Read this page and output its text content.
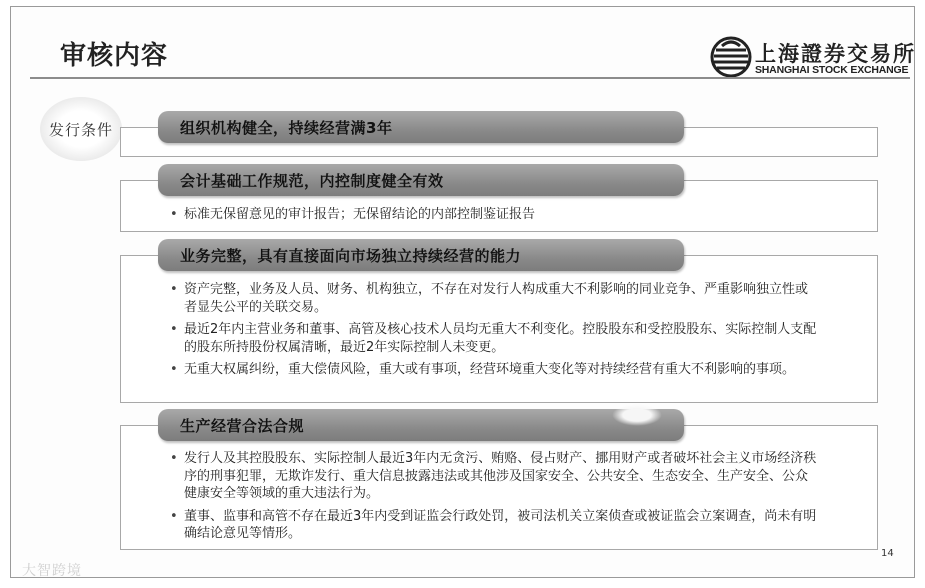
审核内容	上海證券交易所
SHANGHAI STOCK EXCHANGE
发行条件	组织机构健全，持续经营满3年
会计基础工作规范，内控制度健全有效
• 标准无保留意见的审计报告；无保留结论的内部控制鉴证报告
业务完整，具有直接面向市场独立持续经营的能力
• 资产完整，业务及人员、财务、机构独立，不存在对发行人构成重大不利影响的同业竞争、严重影响独立性或者显失公平的关联交易。
• 最近2年内主营业务和董事、高管及核心技术人员均无重大不利变化。控股股东和受控股股东、实际控制人支配的股东所持股份权属清晰，最近2年实际控制人未变更。
• 无重大权属纠纷，重大偿债风险，重大或有事项，经营环境重大变化等对持续经营有重大不利影响的事项。
生产经营合法合规
• 发行人及其控股股东、实际控制人最近3年内无贪污、贿赂、侵占财产、挪用财产或者破坏社会主义市场经济秩序的刑事犯罪，无欺诈发行、重大信息披露违法或其他涉及国家安全、公共安全、生态安全、生产安全、公众健康安全等领域的重大违法行为。
• 董事、监事和高管不存在最近3年内受到证监会行政处罚，被司法机关立案侦查或被证监会立案调查，尚未有明确结论意见等情形。
14
大智跨境
